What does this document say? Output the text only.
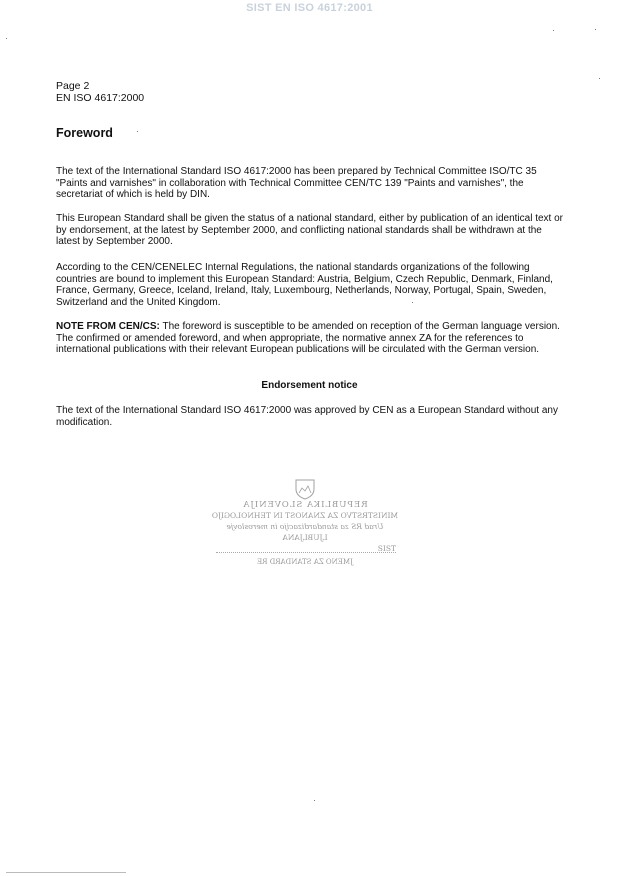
SIST EN ISO 4617:2001
Page 2
EN ISO 4617:2000
Foreword

The text of the International Standard ISO 4617:2000 has been prepared by Technical Committee ISO/TC 35 "Paints and varnishes" in collaboration with Technical Committee CEN/TC 139 "Paints and varnishes", the secretariat of which is held by DIN.

This European Standard shall be given the status of a national standard, either by publication of an identical text or by endorsement, at the latest by September 2000, and conflicting national standards shall be withdrawn at the latest by September 2000.

According to the CEN/CENELEC Internal Regulations, the national standards organizations of the following countries are bound to implement this European Standard: Austria, Belgium, Czech Republic, Denmark, Finland, France, Germany, Greece, Iceland, Ireland, Italy, Luxembourg, Netherlands, Norway, Portugal, Spain, Sweden, Switzerland and the United Kingdom.

NOTE FROM CEN/CS: The foreword is susceptible to be amended on reception of the German language version. The confirmed or amended foreword, and when appropriate, the normative annex ZA for the references to international publications with their relevant European publications will be circulated with the German version.

Endorsement notice

The text of the International Standard ISO 4617:2000 was approved by CEN as a European Standard without any modification.

REPUBLIKA SLOVENIJA
MINISTRSTVO ZA ZNANOST IN TEHNOLOGIJO
Urad RS za standardizacijo in meroslovje
LJUBLJANA
SIST
JMENO ZA STANDARD RE
